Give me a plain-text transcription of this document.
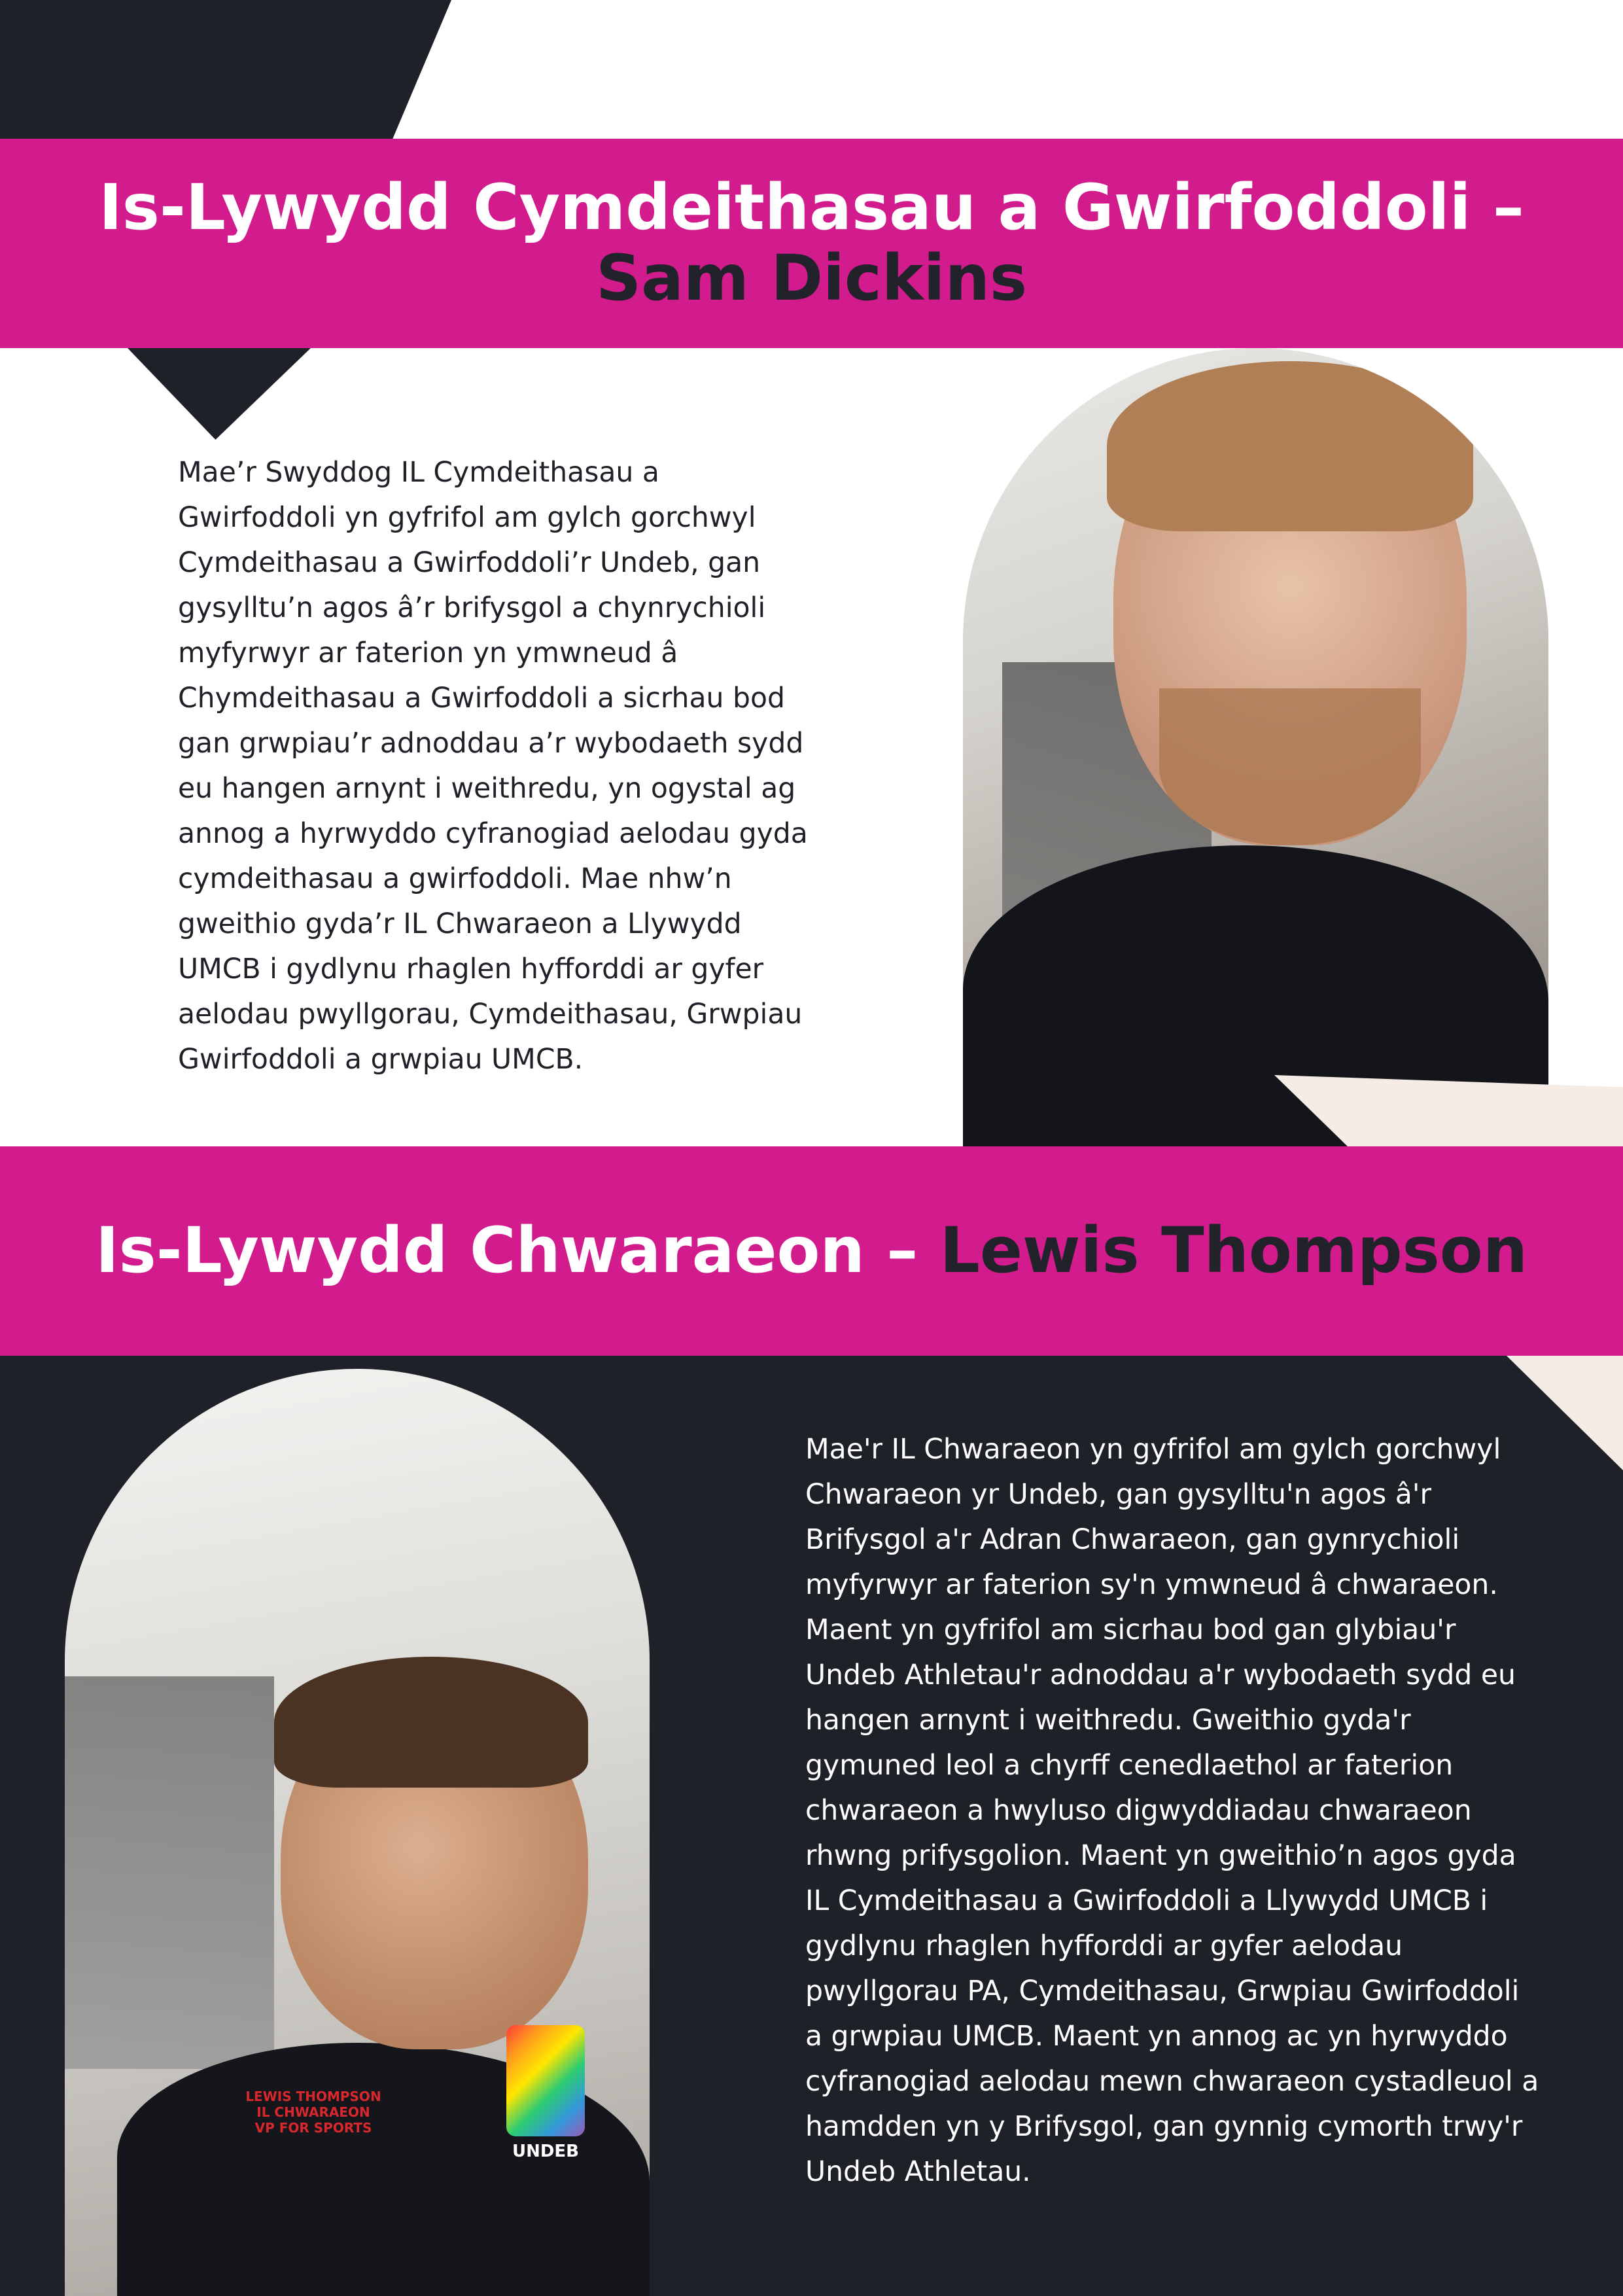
Is-Lywydd Cymdeithasau a Gwirfoddoli – Sam Dickins

Mae’r Swyddog IL Cymdeithasau a Gwirfoddoli yn gyfrifol am gylch gorchwyl Cymdeithasau a Gwirfoddoli’r Undeb, gan gysylltu’n agos â’r brifysgol a chynrychioli myfyrwyr ar faterion yn ymwneud â Chymdeithasau a Gwirfoddoli a sicrhau bod gan grwpiau’r adnoddau a’r wybodaeth sydd eu hangen arnynt i weithredu, yn ogystal ag annog a hyrwyddo cyfranogiad aelodau gyda cymdeithasau a gwirfoddoli. Mae nhw’n gweithio gyda’r IL Chwaraeon a Llywydd UMCB i gydlynu rhaglen hyfforddi ar gyfer aelodau pwyllgorau, Cymdeithasau, Grwpiau Gwirfoddoli a grwpiau UMCB.

Is-Lywydd Chwaraeon – Lewis Thompson
LEWIS THOMPSON
IL CHWARAEON
VP FOR SPORTS
UNDEB

Mae'r IL Chwaraeon yn gyfrifol am gylch gorchwyl Chwaraeon yr Undeb, gan gysylltu'n agos â'r Brifysgol a'r Adran Chwaraeon, gan gynrychioli myfyrwyr ar faterion sy'n ymwneud â chwaraeon. Maent yn gyfrifol am sicrhau bod gan glybiau'r Undeb Athletau'r adnoddau a'r wybodaeth sydd eu hangen arnynt i weithredu. Gweithio gyda'r gymuned leol a chyrff cenedlaethol ar faterion chwaraeon a hwyluso digwyddiadau chwaraeon rhwng prifysgolion. Maent yn gweithio’n agos gyda IL Cymdeithasau a Gwirfoddoli a Llywydd UMCB i gydlynu rhaglen hyfforddi ar gyfer aelodau pwyllgorau PA, Cymdeithasau, Grwpiau Gwirfoddoli a grwpiau UMCB. Maent yn annog ac yn hyrwyddo cyfranogiad aelodau mewn chwaraeon cystadleuol a hamdden yn y Brifysgol, gan gynnig cymorth trwy'r Undeb Athletau.
